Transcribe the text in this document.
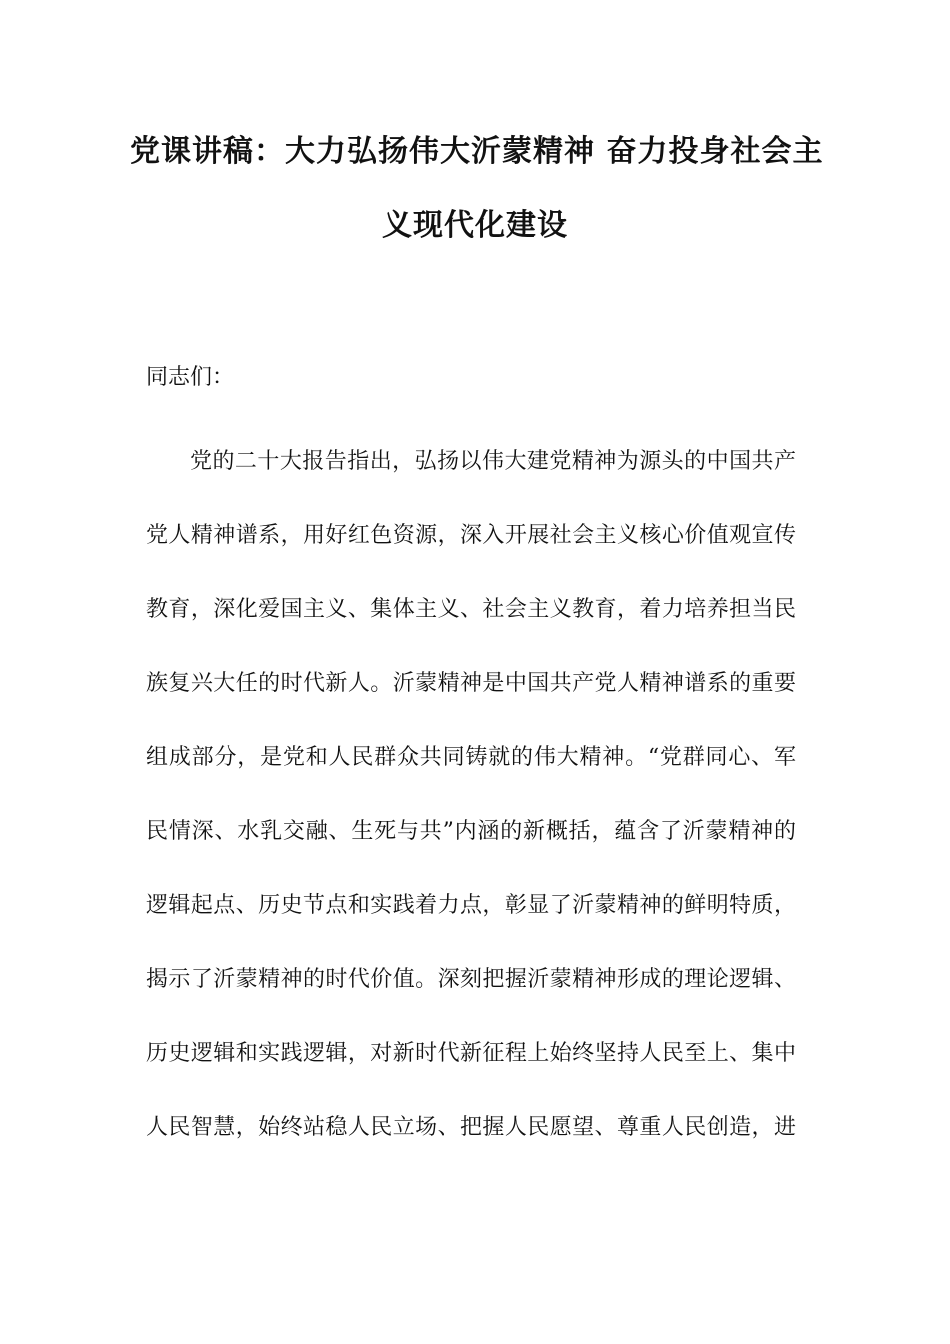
党课讲稿：大力弘扬伟大沂蒙精神 奋力投身社会主
义现代化建设
同志们：
党的二十大报告指出，弘扬以伟大建党精神为源头的中国共产
党人精神谱系，用好红色资源，深入开展社会主义核心价值观宣传
教育，深化爱国主义、集体主义、社会主义教育，着力培养担当民
族复兴大任的时代新人。沂蒙精神是中国共产党人精神谱系的重要
组成部分，是党和人民群众共同铸就的伟大精神。“党群同心、军
民情深、水乳交融、生死与共”内涵的新概括，蕴含了沂蒙精神的
逻辑起点、历史节点和实践着力点，彰显了沂蒙精神的鲜明特质，
揭示了沂蒙精神的时代价值。深刻把握沂蒙精神形成的理论逻辑、
历史逻辑和实践逻辑，对新时代新征程上始终坚持人民至上、集中
人民智慧，始终站稳人民立场、把握人民愿望、尊重人民创造，进
